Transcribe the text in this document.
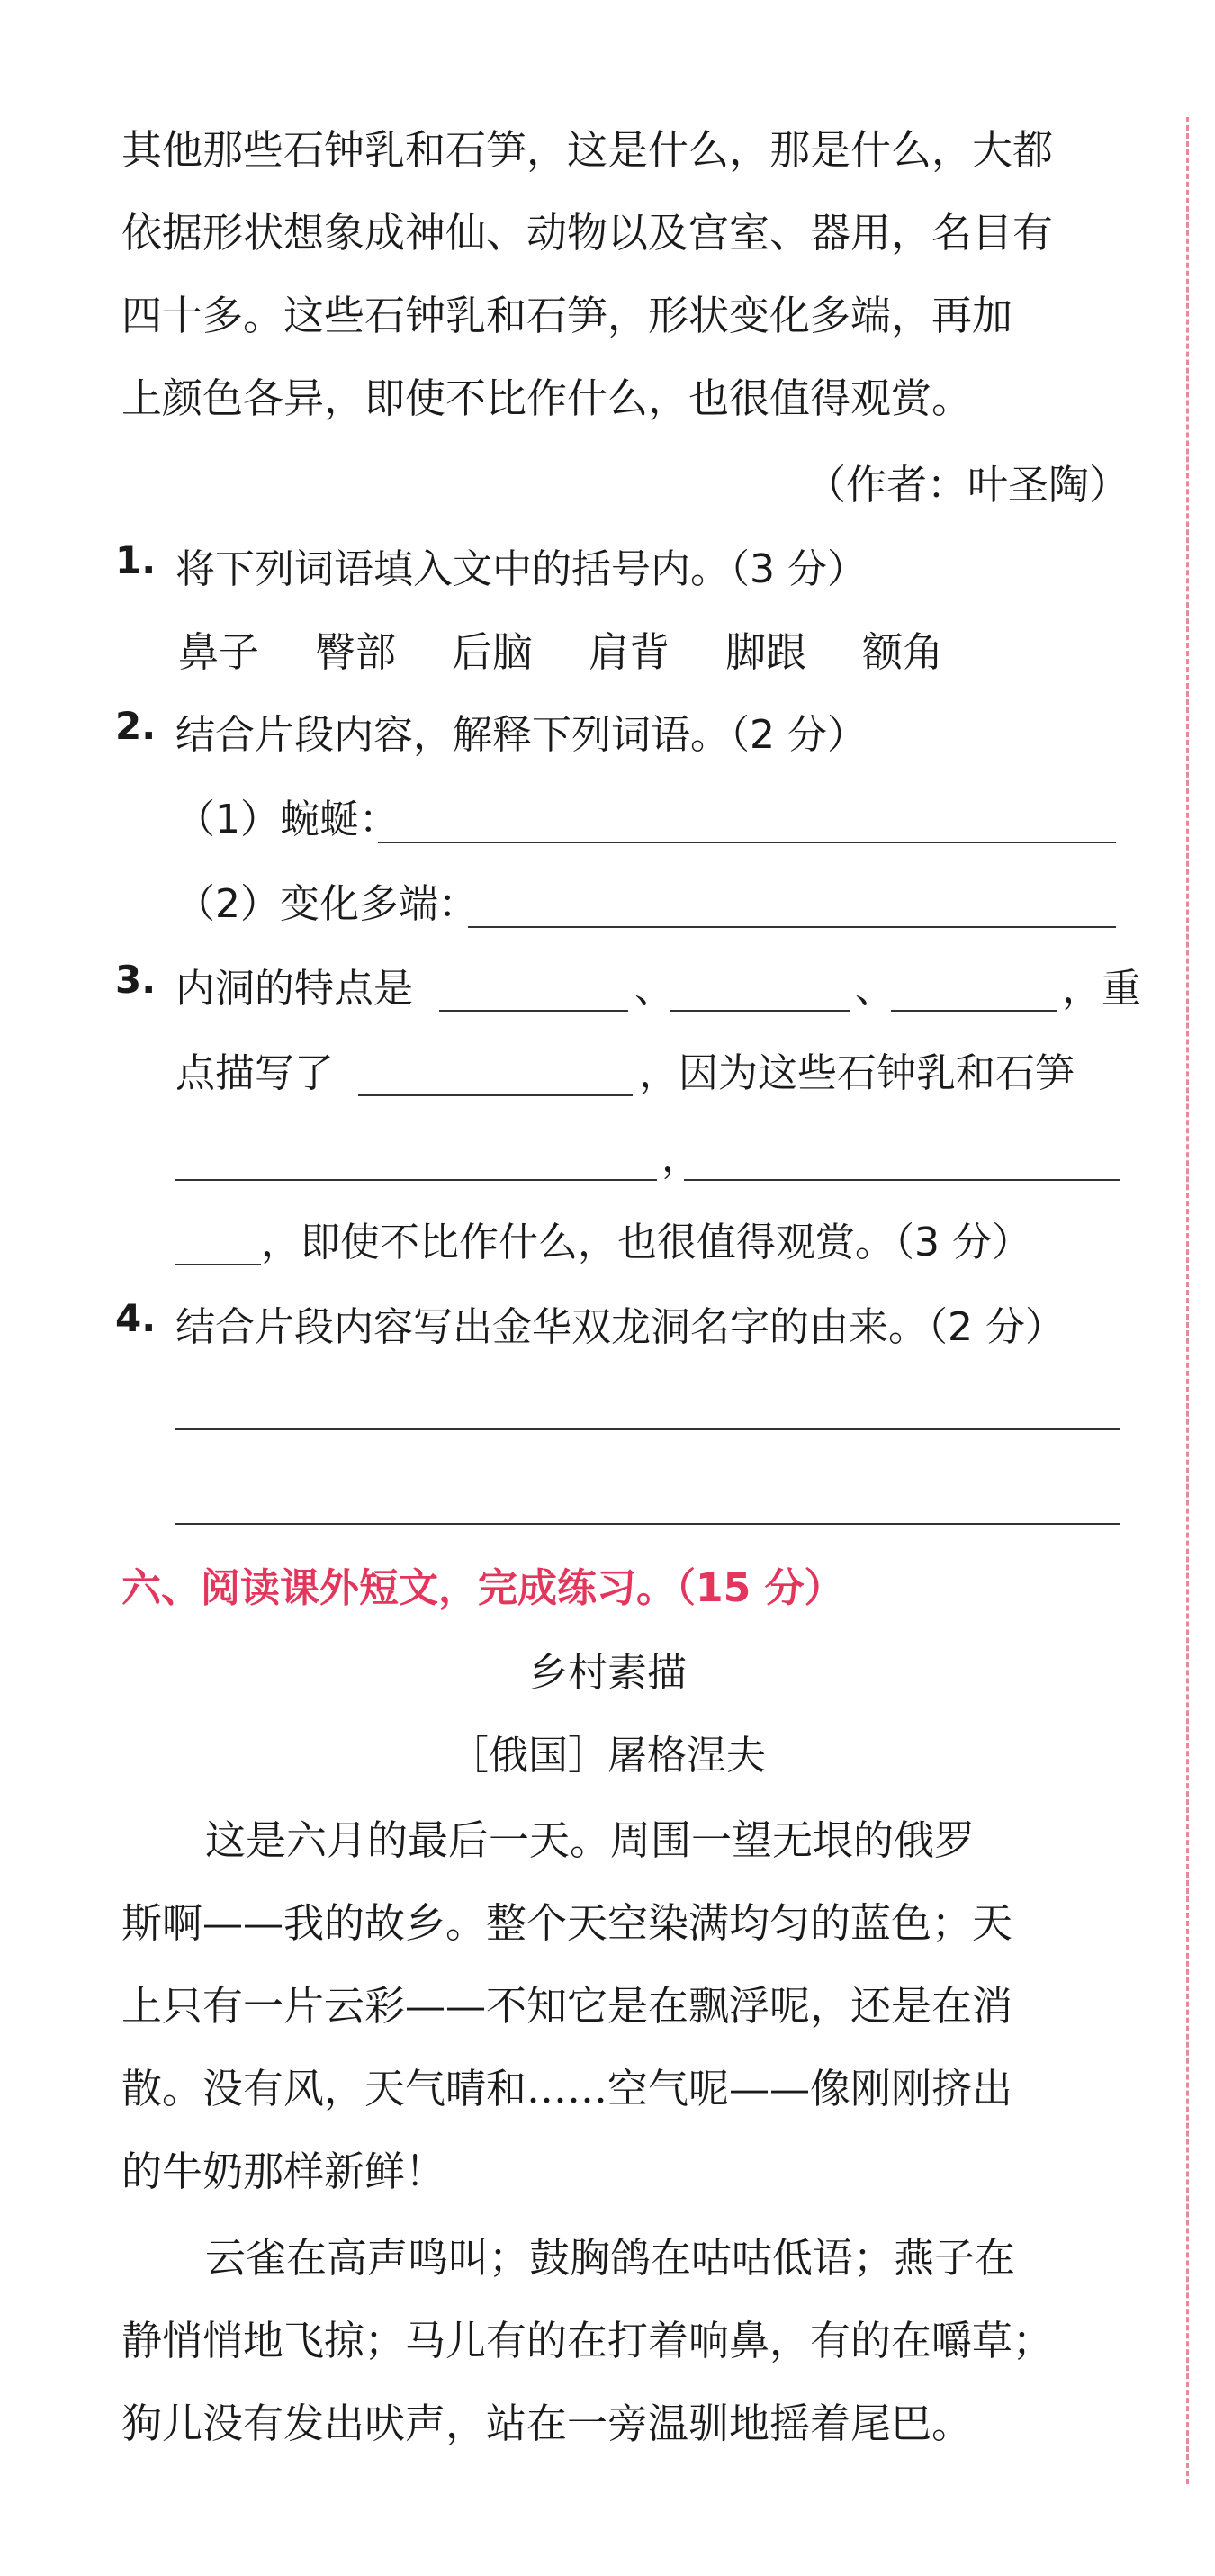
其他那些石钟乳和石笋，这是什么，那是什么，大都
依据形状想象成神仙、动物以及宫室、器用，名目有
四十多。这些石钟乳和石笋，形状变化多端，再加
上颜色各异，即使不比作什么，也很值得观赏。
（作者：叶圣陶）
1. 将下列词语填入文中的括号内。（3 分）
鼻子 臀部 后脑 肩背 脚跟 额角
2. 结合片段内容，解释下列词语。（2 分）
（1）蜿蜒：
（2）变化多端：
3. 内洞的特点是	、	、	，重
点描写了	，因为这些石钟乳和石笋
，
，即使不比作什么，也很值得观赏。（3 分）
4. 结合片段内容写出金华双龙洞名字的由来。（2 分）
六、阅读课外短文，完成练习。（15 分）
乡村素描
［俄国］屠格涅夫
这是六月的最后一天。周围一望无垠的俄罗
斯啊——我的故乡。整个天空染满均匀的蓝色；天
上只有一片云彩——不知它是在飘浮呢，还是在消
散。没有风，天气晴和……空气呢——像刚刚挤出
的牛奶那样新鲜！
云雀在高声鸣叫；鼓胸鸽在咕咕低语；燕子在
静悄悄地飞掠；马儿有的在打着响鼻，有的在嚼草；
狗儿没有发出吠声，站在一旁温驯地摇着尾巴。
